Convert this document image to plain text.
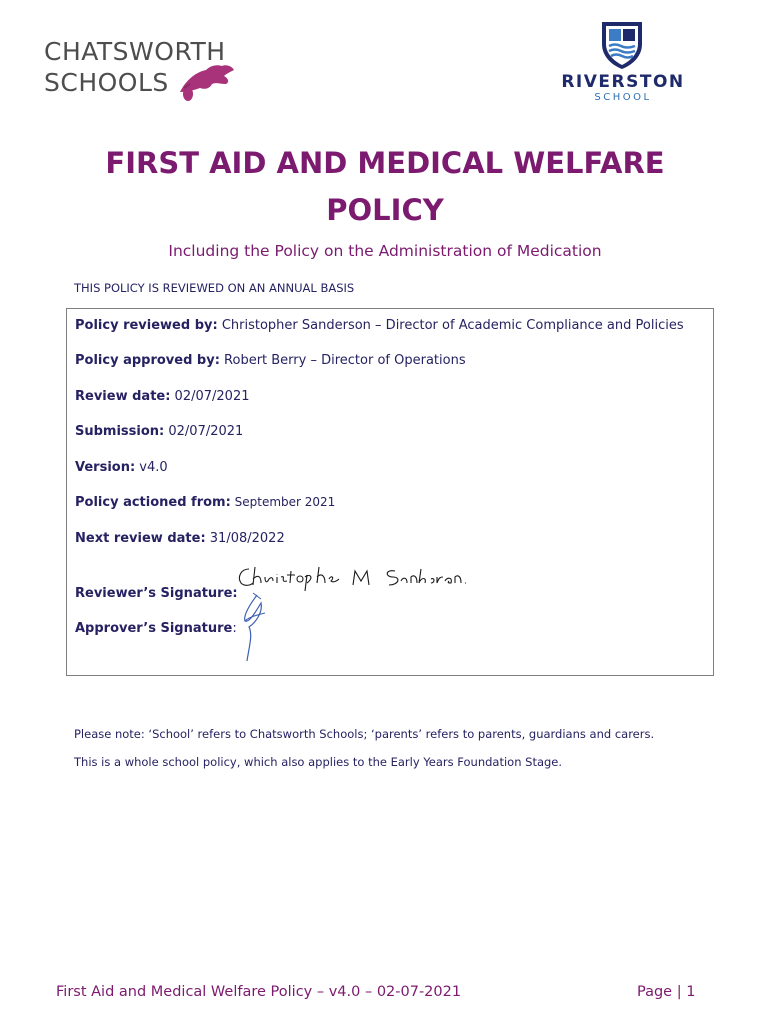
CHATSWORTH
SCHOOLS	RIVERSTON
SCHOOL
FIRST AID AND MEDICAL WELFARE POLICY
Including the Policy on the Administration of Medication
THIS POLICY IS REVIEWED ON AN ANNUAL BASIS
Policy reviewed by: Christopher Sanderson – Director of Academic Compliance and Policies
Policy approved by: Robert Berry – Director of Operations
Review date: 02/07/2021
Submission: 02/07/2021
Version: v4.0
Policy actioned from: September 2021
Next review date: 31/08/2022
Reviewer’s Signature:
Approver’s Signature:
Please note: ‘School’ refers to Chatsworth Schools; ‘parents’ refers to parents, guardians and carers.
This is a whole school policy, which also applies to the Early Years Foundation Stage.
First Aid and Medical Welfare Policy – v4.0 – 02-07-2021	Page | 1
